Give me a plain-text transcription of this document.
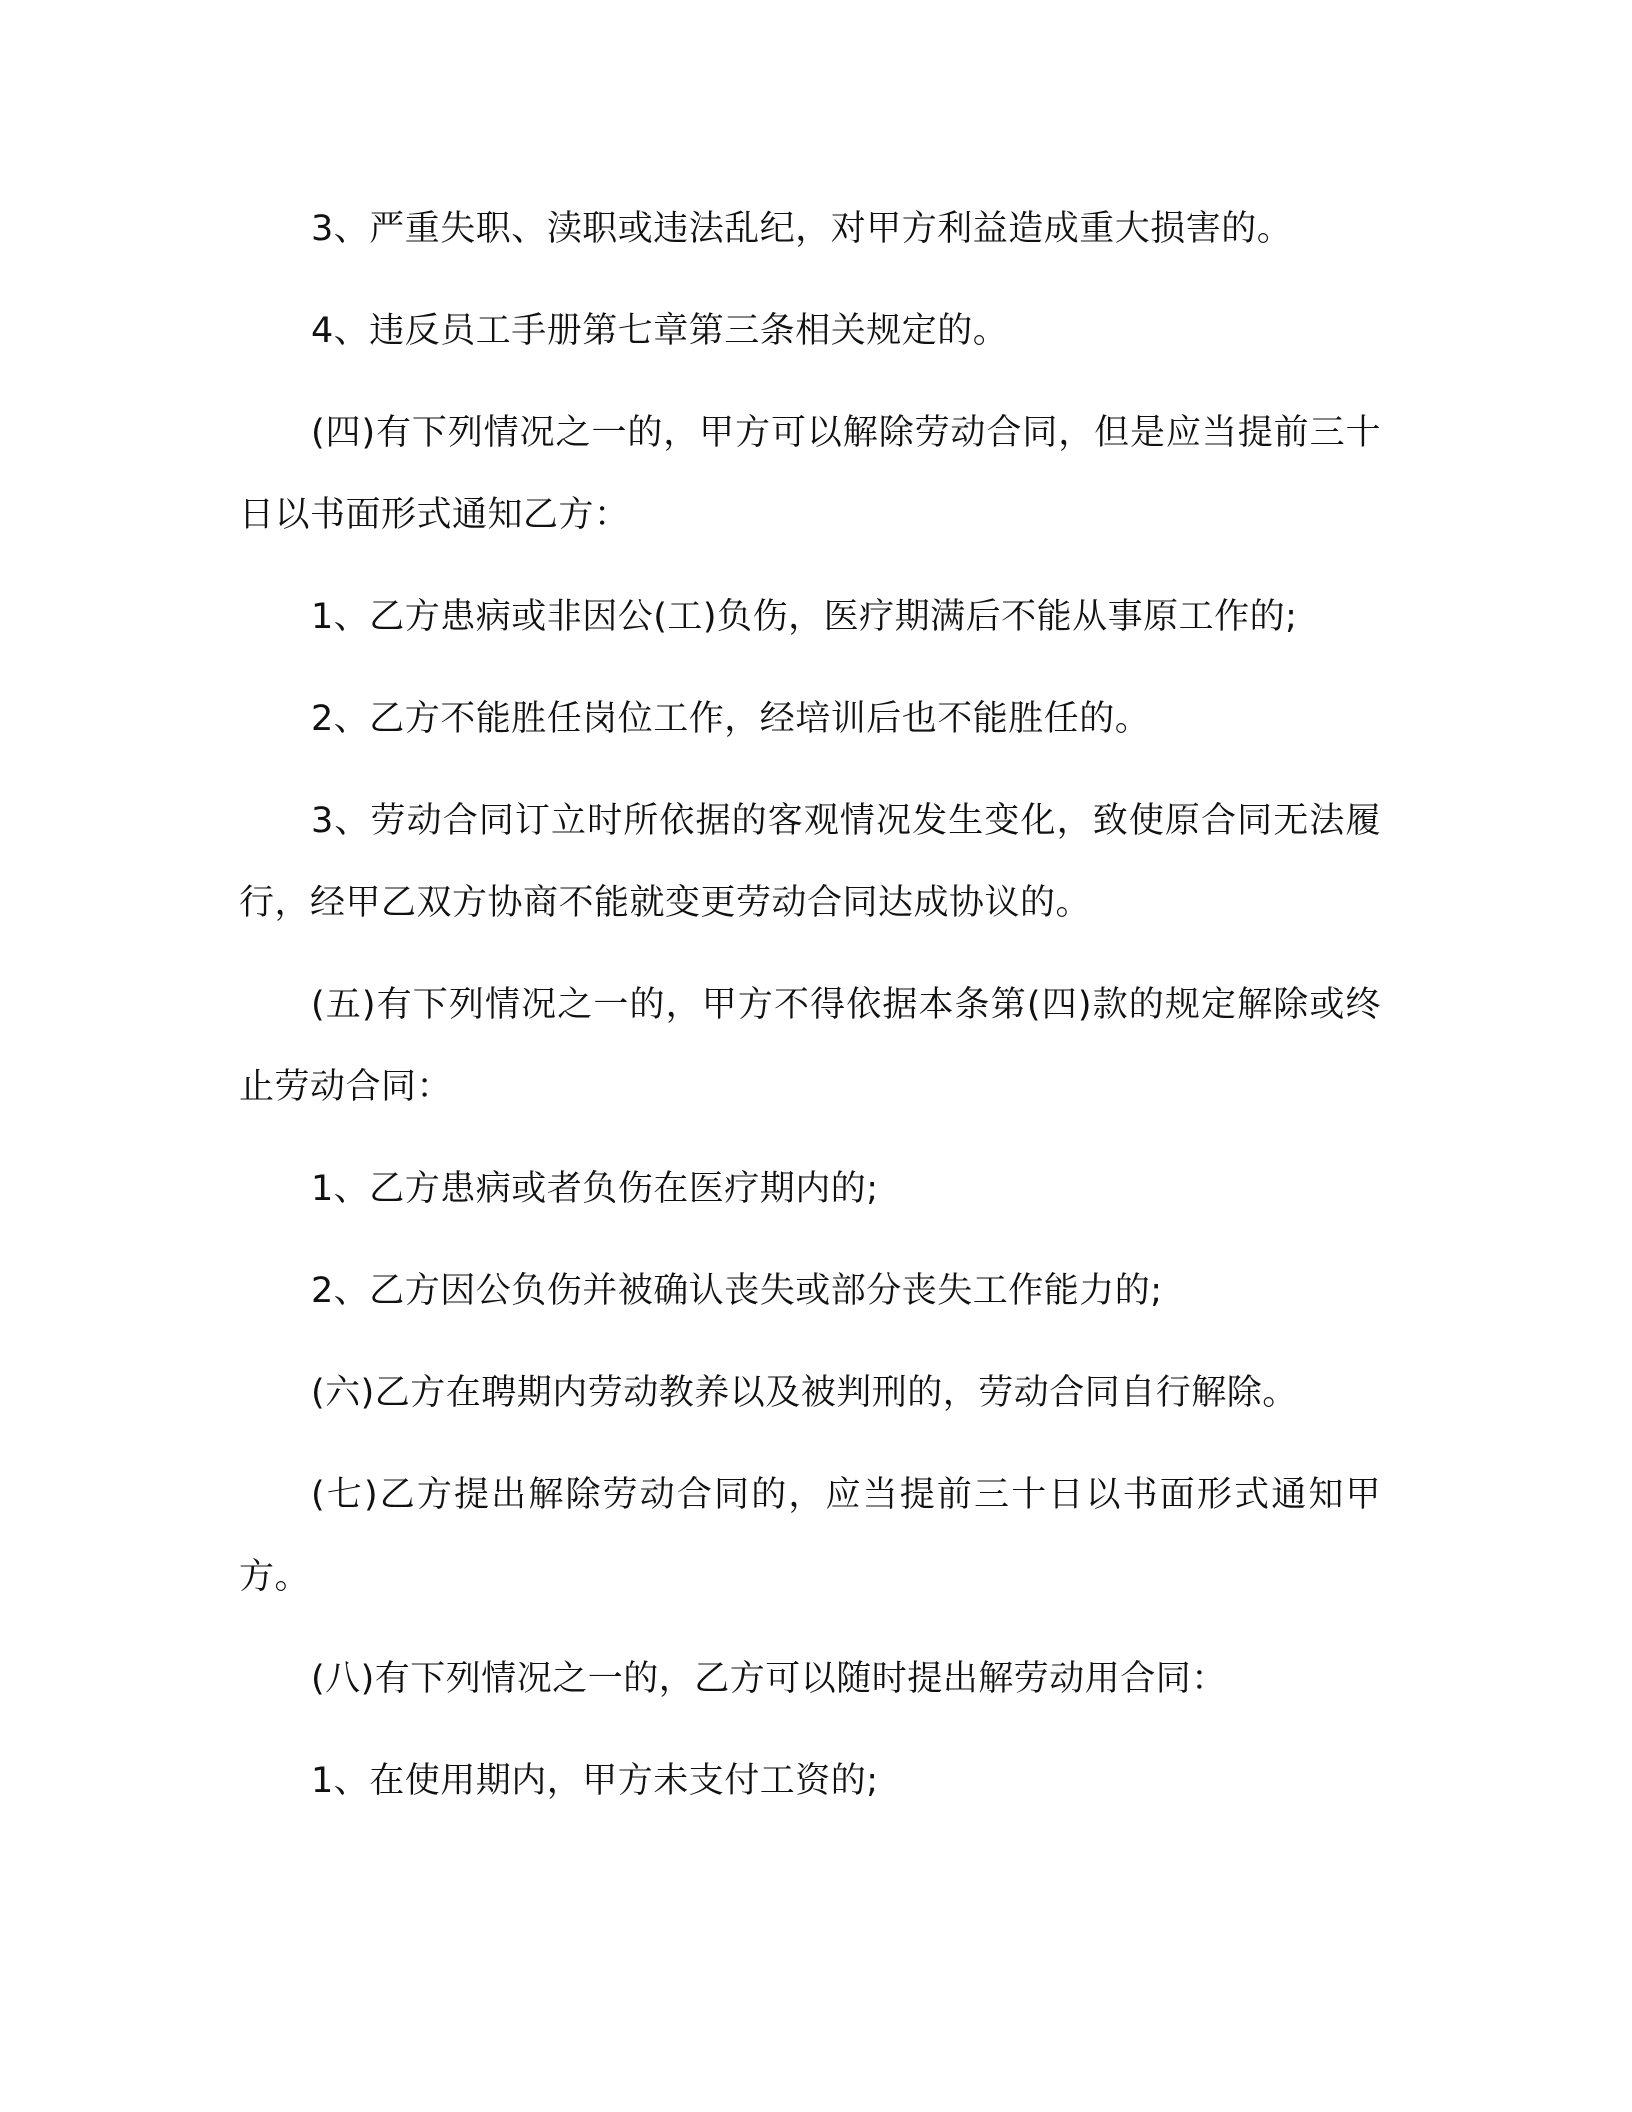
3、严重失职、渎职或违法乱纪，对甲方利益造成重大损害的。

4、违反员工手册第七章第三条相关规定的。

(四)有下列情况之一的，甲方可以解除劳动合同，但是应当提前三十日以书面形式通知乙方：

1、乙方患病或非因公(工)负伤，医疗期满后不能从事原工作的;

2、乙方不能胜任岗位工作，经培训后也不能胜任的。

3、劳动合同订立时所依据的客观情况发生变化，致使原合同无法履行，经甲乙双方协商不能就变更劳动合同达成协议的。

(五)有下列情况之一的，甲方不得依据本条第(四)款的规定解除或终止劳动合同：

1、乙方患病或者负伤在医疗期内的;

2、乙方因公负伤并被确认丧失或部分丧失工作能力的;

(六)乙方在聘期内劳动教养以及被判刑的，劳动合同自行解除。

(七)乙方提出解除劳动合同的，应当提前三十日以书面形式通知甲方。

(八)有下列情况之一的，乙方可以随时提出解劳动用合同：

1、在使用期内，甲方未支付工资的;
